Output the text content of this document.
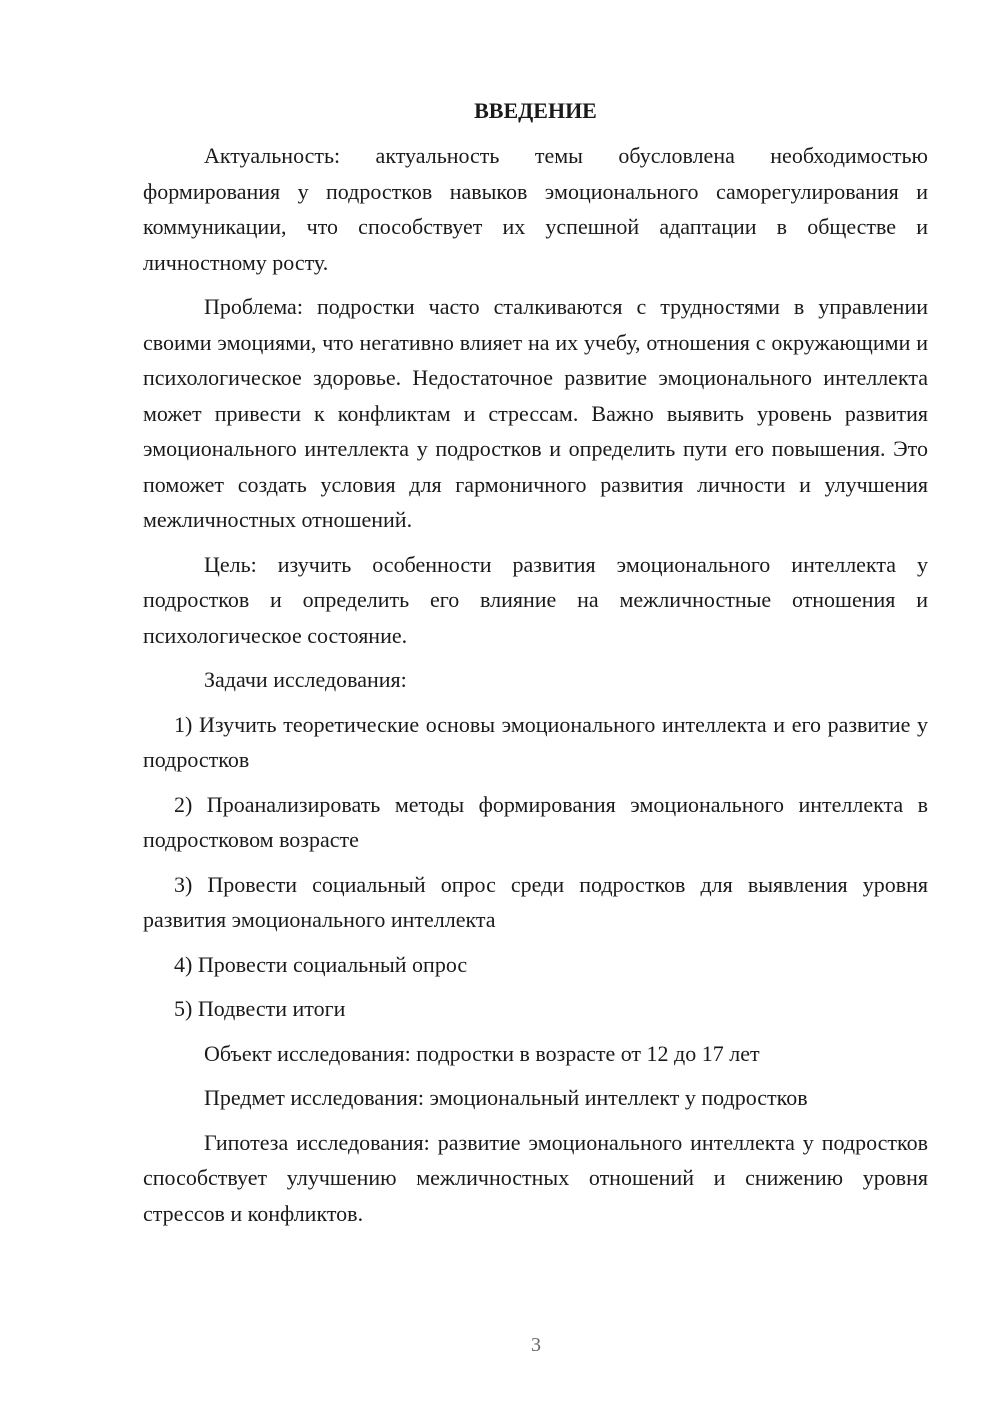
ВВЕДЕНИЕ

Актуальность: актуальность темы обусловлена необходимостью формирования у подростков навыков эмоционального саморегулирования и коммуникации, что способствует их успешной адаптации в обществе и личностному росту.

Проблема: подростки часто сталкиваются с трудностями в управлении своими эмоциями, что негативно влияет на их учебу, отношения с окружающими и психологическое здоровье. Недостаточное развитие эмоционального интеллекта может привести к конфликтам и стрессам. Важно выявить уровень развития эмоционального интеллекта у подростков и определить пути его повышения. Это поможет создать условия для гармоничного развития личности и улучшения межличностных отношений.

Цель: изучить особенности развития эмоционального интеллекта у подростков и определить его влияние на межличностные отношения и психологическое состояние.

Задачи исследования:

1) Изучить теоретические основы эмоционального интеллекта и его развитие у подростков

2) Проанализировать методы формирования эмоционального интеллекта в подростковом возрасте

3) Провести социальный опрос среди подростков для выявления уровня развития эмоционального интеллекта

4) Провести социальный опрос

5) Подвести итоги

Объект исследования: подростки в возрасте от 12 до 17 лет

Предмет исследования: эмоциональный интеллект у подростков

Гипотеза исследования: развитие эмоционального интеллекта у подростков способствует улучшению межличностных отношений и снижению уровня стрессов и конфликтов.

3
